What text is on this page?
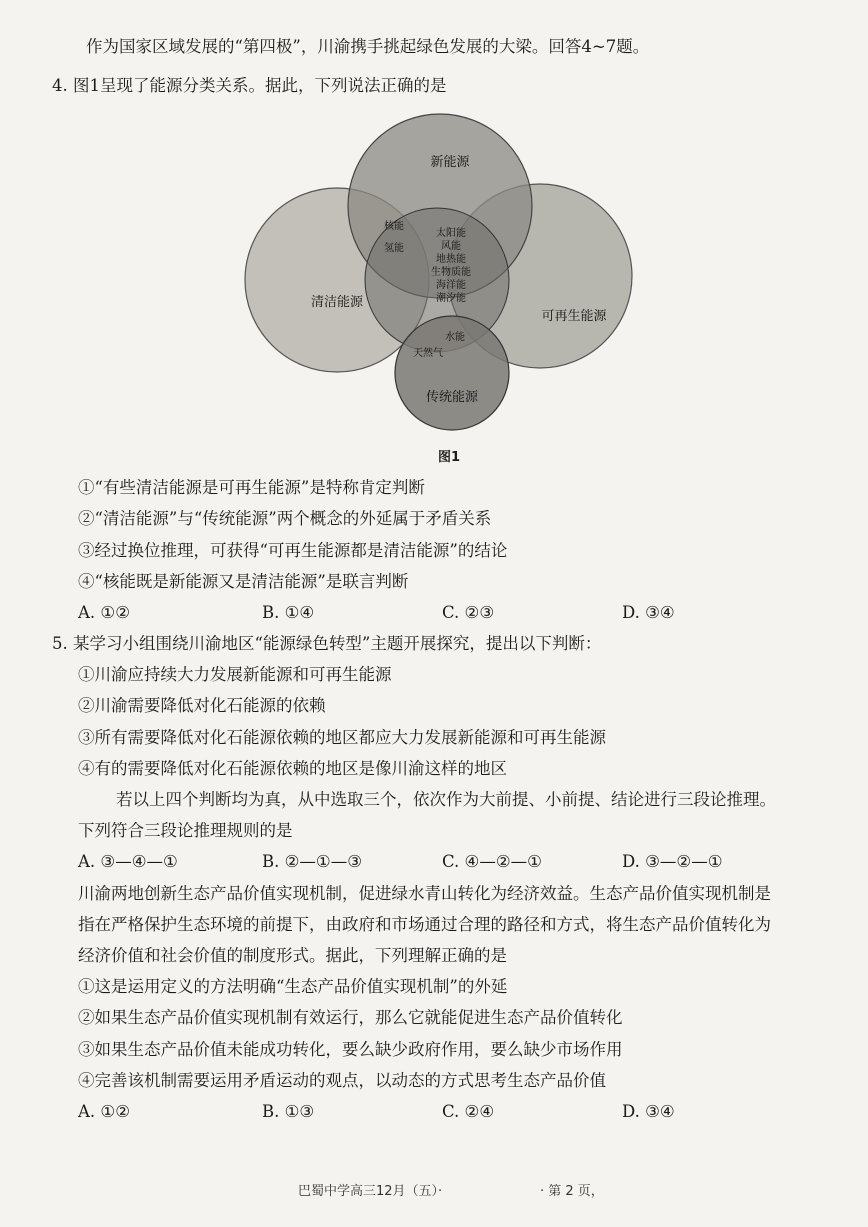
作为国家区域发展的“第四极”，川渝携手挑起绿色发展的大梁。回答4~7题。
4. 图1呈现了能源分类关系。据此，下列说法正确的是
新能源
清洁能源
可再生能源
传统能源
核能
氢能
太阳能
风能
地热能
生物质能
海洋能
潮汐能
水能
天然气
图1
①“有些清洁能源是可再生能源”是特称肯定判断
②“清洁能源”与“传统能源”两个概念的外延属于矛盾关系
③经过换位推理，可获得“可再生能源都是清洁能源”的结论
④“核能既是新能源又是清洁能源”是联言判断
A. ①②	B. ①④	C. ②③	D. ③④
5. 某学习小组围绕川渝地区“能源绿色转型”主题开展探究，提出以下判断：
①川渝应持续大力发展新能源和可再生能源
②川渝需要降低对化石能源的依赖
③所有需要降低对化石能源依赖的地区都应大力发展新能源和可再生能源
④有的需要降低对化石能源依赖的地区是像川渝这样的地区
若以上四个判断均为真，从中选取三个，依次作为大前提、小前提、结论进行三段论推理。
下列符合三段论推理规则的是
A. ③—④—①	B. ②—①—③	C. ④—②—①	D. ③—②—①
川渝两地创新生态产品价值实现机制，促进绿水青山转化为经济效益。生态产品价值实现机制是
指在严格保护生态环境的前提下，由政府和市场通过合理的路径和方式，将生态产品价值转化为
经济价值和社会价值的制度形式。据此，下列理解正确的是
①这是运用定义的方法明确“生态产品价值实现机制”的外延
②如果生态产品价值实现机制有效运行，那么它就能促进生态产品价值转化
③如果生态产品价值未能成功转化，要么缺少政府作用，要么缺少市场作用
④完善该机制需要运用矛盾运动的观点，以动态的方式思考生态产品价值
A. ①②	B. ①③	C. ②④	D. ③④
巴蜀中学高三12月（五）·	· 第 2 页，
